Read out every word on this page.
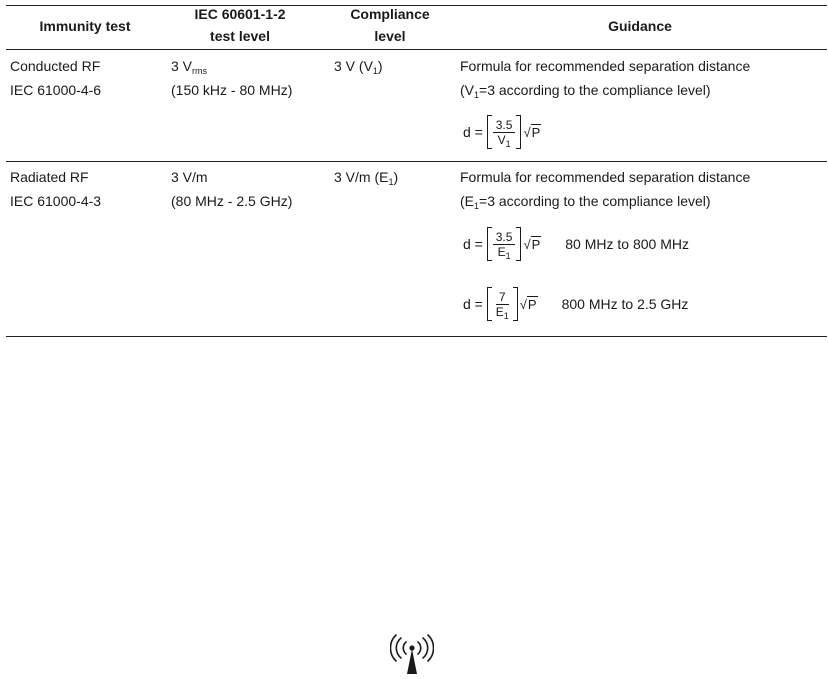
Immunity test
IEC 60601-1-2
test level
Compliance
level
Guidance
Conducted RF
IEC 61000-4-6
3 $V_{rms}$
(150 kHz - 80 MHz)
3 V $(V_1)$	Formula for recommended separation distance
($V_1=3$ according to the compliance level)
d =
$\frac{3.5}{V_1} √P$
Radiated RF
IEC 61000-4-3
3 V/m
(80 MHz - 2.5 GHz)
3 V/m $(E_1)$	Formula for recommended separation distance
($E_1=3$ according to the compliance level)
d =
$\frac{3.5}{E_1} √P$ 80 MHz to 800 MHz
d =
$\frac{7}{E_1} √P$ 800 MHz to 2.5 GHz
